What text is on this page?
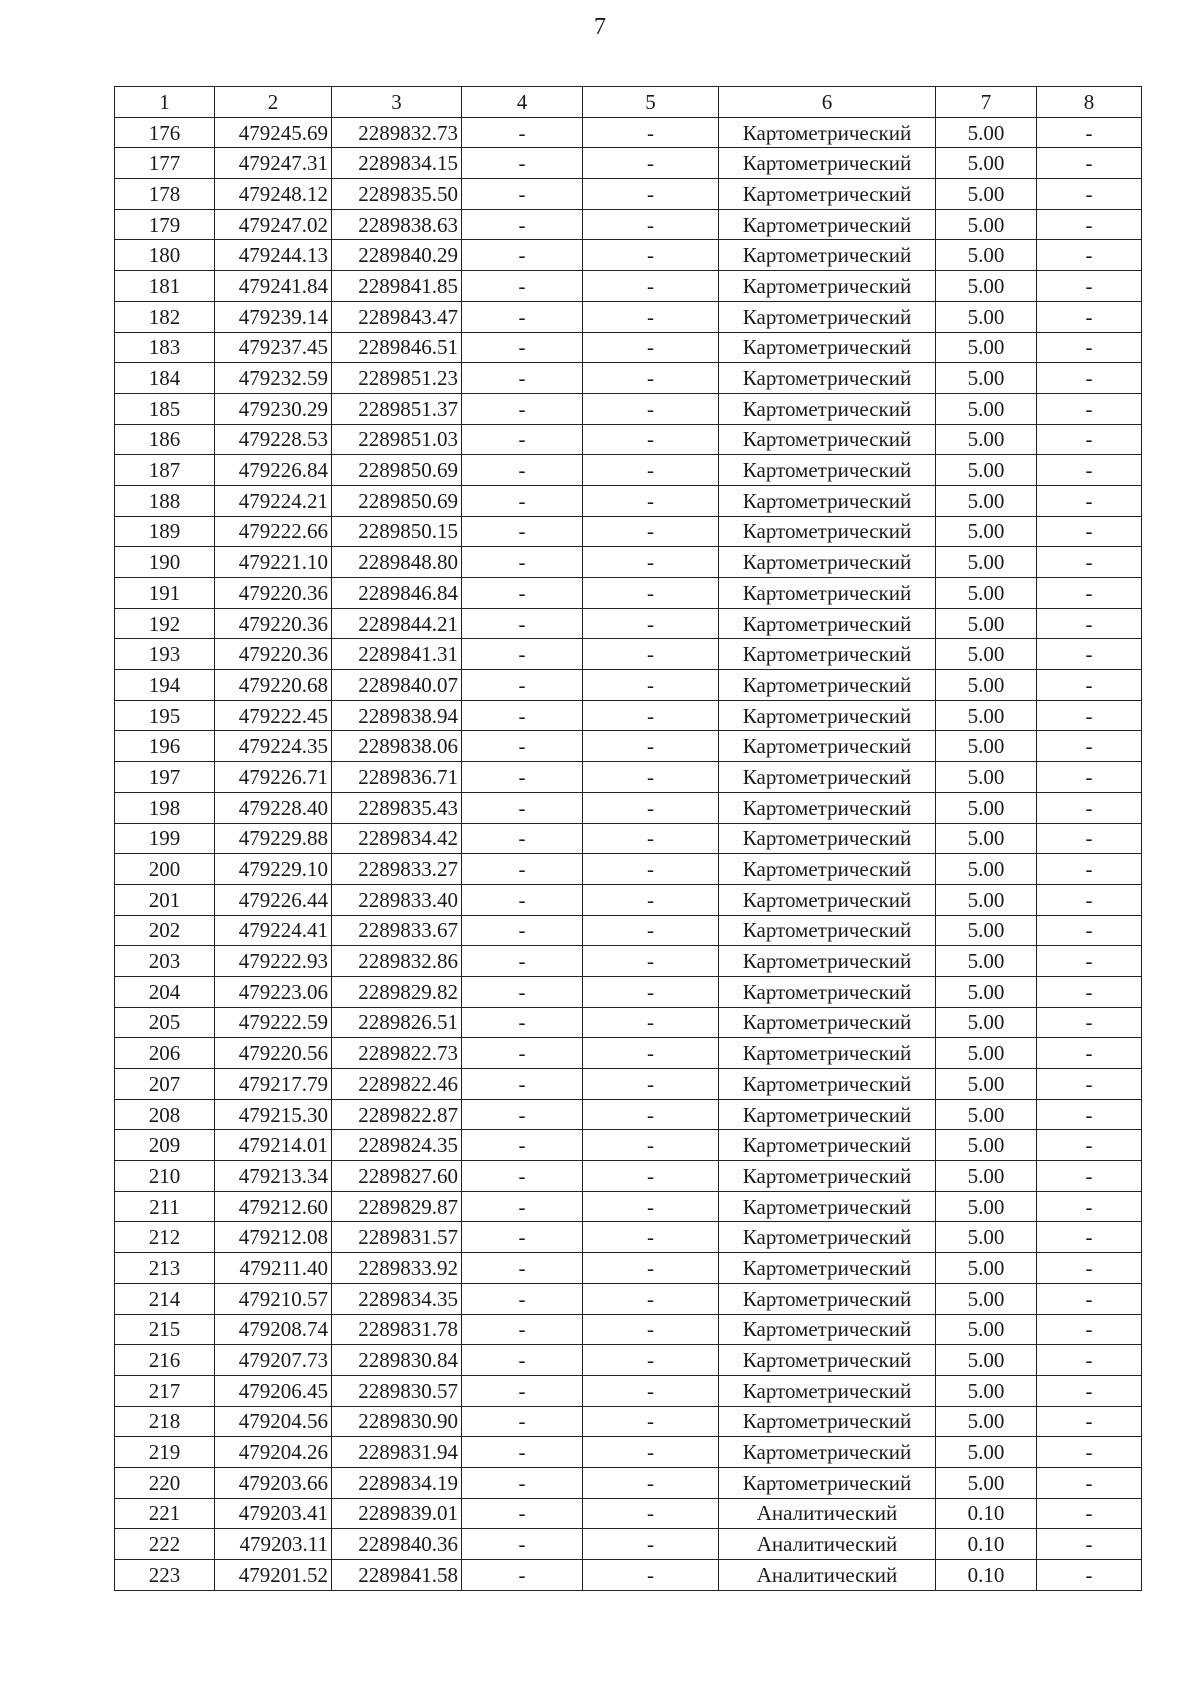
7
1	2	3	4	5	6	7	8
176	479245.69	2289832.73	-	-	Картометрический	5.00	-
177	479247.31	2289834.15	-	-	Картометрический	5.00	-
178	479248.12	2289835.50	-	-	Картометрический	5.00	-
179	479247.02	2289838.63	-	-	Картометрический	5.00	-
180	479244.13	2289840.29	-	-	Картометрический	5.00	-
181	479241.84	2289841.85	-	-	Картометрический	5.00	-
182	479239.14	2289843.47	-	-	Картометрический	5.00	-
183	479237.45	2289846.51	-	-	Картометрический	5.00	-
184	479232.59	2289851.23	-	-	Картометрический	5.00	-
185	479230.29	2289851.37	-	-	Картометрический	5.00	-
186	479228.53	2289851.03	-	-	Картометрический	5.00	-
187	479226.84	2289850.69	-	-	Картометрический	5.00	-
188	479224.21	2289850.69	-	-	Картометрический	5.00	-
189	479222.66	2289850.15	-	-	Картометрический	5.00	-
190	479221.10	2289848.80	-	-	Картометрический	5.00	-
191	479220.36	2289846.84	-	-	Картометрический	5.00	-
192	479220.36	2289844.21	-	-	Картометрический	5.00	-
193	479220.36	2289841.31	-	-	Картометрический	5.00	-
194	479220.68	2289840.07	-	-	Картометрический	5.00	-
195	479222.45	2289838.94	-	-	Картометрический	5.00	-
196	479224.35	2289838.06	-	-	Картометрический	5.00	-
197	479226.71	2289836.71	-	-	Картометрический	5.00	-
198	479228.40	2289835.43	-	-	Картометрический	5.00	-
199	479229.88	2289834.42	-	-	Картометрический	5.00	-
200	479229.10	2289833.27	-	-	Картометрический	5.00	-
201	479226.44	2289833.40	-	-	Картометрический	5.00	-
202	479224.41	2289833.67	-	-	Картометрический	5.00	-
203	479222.93	2289832.86	-	-	Картометрический	5.00	-
204	479223.06	2289829.82	-	-	Картометрический	5.00	-
205	479222.59	2289826.51	-	-	Картометрический	5.00	-
206	479220.56	2289822.73	-	-	Картометрический	5.00	-
207	479217.79	2289822.46	-	-	Картометрический	5.00	-
208	479215.30	2289822.87	-	-	Картометрический	5.00	-
209	479214.01	2289824.35	-	-	Картометрический	5.00	-
210	479213.34	2289827.60	-	-	Картометрический	5.00	-
211	479212.60	2289829.87	-	-	Картометрический	5.00	-
212	479212.08	2289831.57	-	-	Картометрический	5.00	-
213	479211.40	2289833.92	-	-	Картометрический	5.00	-
214	479210.57	2289834.35	-	-	Картометрический	5.00	-
215	479208.74	2289831.78	-	-	Картометрический	5.00	-
216	479207.73	2289830.84	-	-	Картометрический	5.00	-
217	479206.45	2289830.57	-	-	Картометрический	5.00	-
218	479204.56	2289830.90	-	-	Картометрический	5.00	-
219	479204.26	2289831.94	-	-	Картометрический	5.00	-
220	479203.66	2289834.19	-	-	Картометрический	5.00	-
221	479203.41	2289839.01	-	-	Аналитический	0.10	-
222	479203.11	2289840.36	-	-	Аналитический	0.10	-
223	479201.52	2289841.58	-	-	Аналитический	0.10	-
